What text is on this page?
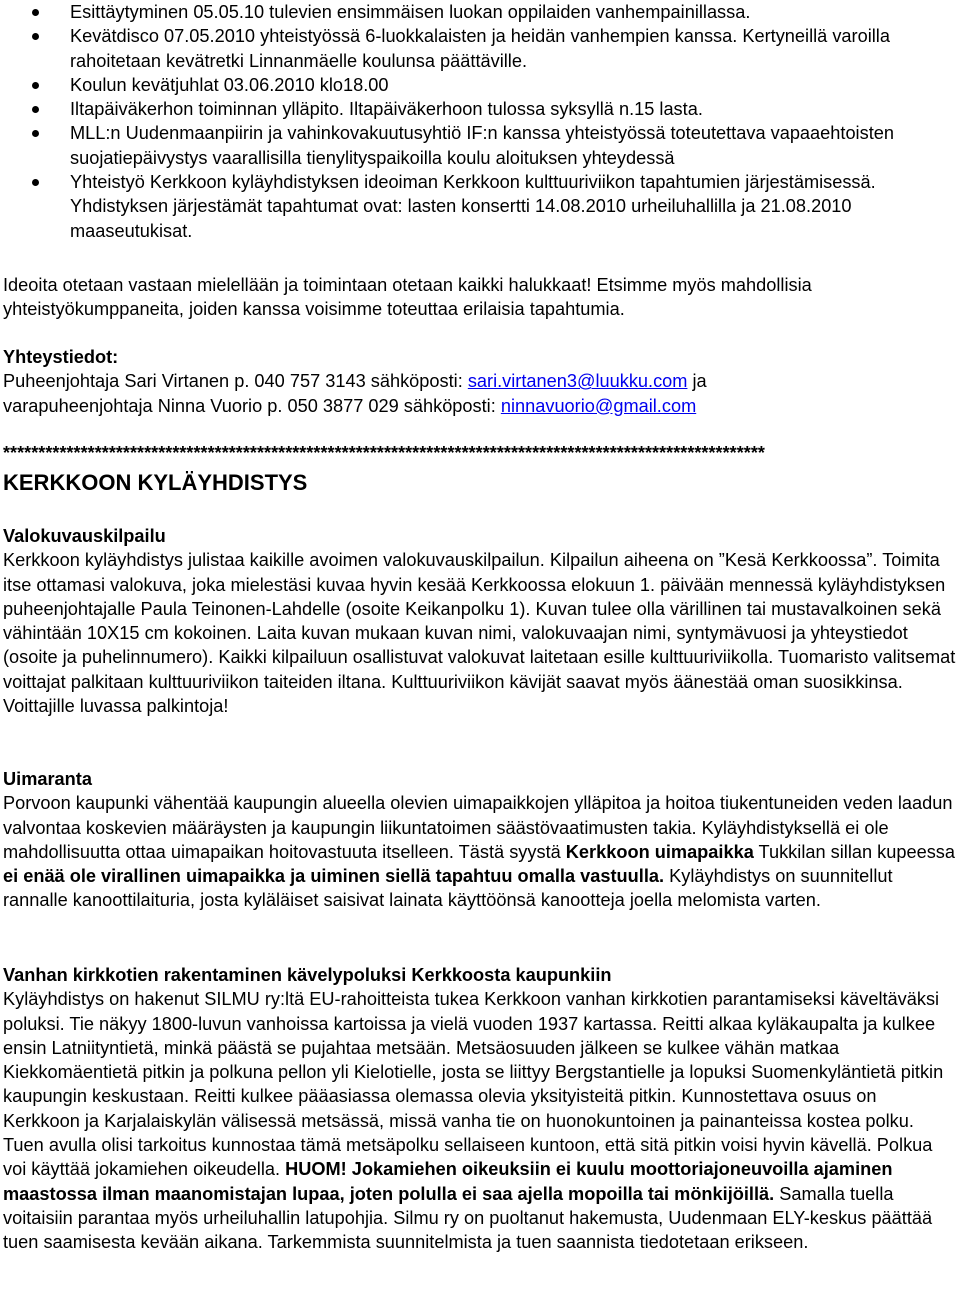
Esittäytyminen 05.05.10 tulevien ensimmäisen luokan oppilaiden vanhempainillassa.
Kevätdisco 07.05.2010 yhteistyössä 6-luokkalaisten ja heidän vanhempien kanssa. Kertyneillä varoilla rahoitetaan kevätretki Linnanmäelle koulunsa päättäville.
Koulun kevätjuhlat 03.06.2010 klo18.00
Iltapäiväkerhon toiminnan ylläpito. Iltapäiväkerhoon tulossa syksyllä n.15 lasta.
MLL:n Uudenmaanpiirin ja vahinkovakuutusyhtiö IF:n kanssa yhteistyössä toteutettava vapaaehtoisten suojatiepäivystys vaarallisilla tienylityspaikoilla koulu aloituksen yhteydessä
Yhteistyö Kerkkoon kyläyhdistyksen ideoiman Kerkkoon kulttuuriviikon tapahtumien järjestämisessä. Yhdistyksen järjestämät tapahtumat ovat: lasten konsertti 14.08.2010 urheiluhallilla ja 21.08.2010 maaseutukisat.
Ideoita otetaan vastaan mielellään ja toimintaan otetaan kaikki halukkaat! Etsimme myös mahdollisia yhteistyökumppaneita, joiden kanssa voisimme toteuttaa erilaisia tapahtumia.
Yhteystiedot:
Puheenjohtaja Sari Virtanen p. 040 757 3143 sähköposti: sari.virtanen3@luukku.com ja
varapuheenjohtaja Ninna Vuorio p. 050 3877 029 sähköposti: ninnavuorio@gmail.com
************************************************************************************************************
KERKKOON KYLÄYHDISTYS
Valokuvauskilpailu
Kerkkoon kyläyhdistys julistaa kaikille avoimen valokuvauskilpailun. Kilpailun aiheena on ”Kesä Kerkkoossa”. Toimita itse ottamasi valokuva, joka mielestäsi kuvaa hyvin kesää Kerkkoossa elokuun 1. päivään mennessä kyläyhdistyksen puheenjohtajalle Paula Teinonen-Lahdelle (osoite Keikanpolku 1). Kuvan tulee olla värillinen tai mustavalkoinen sekä vähintään 10X15 cm kokoinen. Laita kuvan mukaan kuvan nimi, valokuvaajan nimi, syntymävuosi ja yhteystiedot (osoite ja puhelinnumero). Kaikki kilpailuun osallistuvat valokuvat laitetaan esille kulttuuriviikolla. Tuomaristo valitsemat voittajat palkitaan kulttuuriviikon taiteiden iltana. Kulttuuriviikon kävijät saavat myös äänestää oman suosikkinsa. Voittajille luvassa palkintoja!
Uimaranta
Porvoon kaupunki vähentää kaupungin alueella olevien uimapaikkojen ylläpitoa ja hoitoa tiukentuneiden veden laadun valvontaa koskevien määräysten ja kaupungin liikuntatoimen säästövaatimusten takia. Kyläyhdistyksellä ei ole mahdollisuutta ottaa uimapaikan hoitovastuuta itselleen. Tästä syystä Kerkkoon uimapaikka Tukkilan sillan kupeessa ei enää ole virallinen uimapaikka ja uiminen siellä tapahtuu omalla vastuulla. Kyläyhdistys on suunnitellut rannalle kanoottilaituria, josta kyläläiset saisivat lainata käyttöönsä kanootteja joella melomista varten.
Vanhan kirkkotien rakentaminen kävelypoluksi Kerkkoosta kaupunkiin
Kyläyhdistys on hakenut SILMU ry:ltä EU-rahoitteista tukea Kerkkoon vanhan kirkkotien parantamiseksi käveltäväksi poluksi. Tie näkyy 1800-luvun vanhoissa kartoissa ja vielä vuoden 1937 kartassa. Reitti alkaa kyläkaupalta ja kulkee ensin Latniityntietä, minkä päästä se pujahtaa metsään. Metsäosuuden jälkeen se kulkee vähän matkaa Kiekkomäentietä pitkin ja polkuna pellon yli Kielotielle, josta se liittyy Bergstantielle ja lopuksi Suomenkyläntietä pitkin kaupungin keskustaan. Reitti kulkee pääasiassa olemassa olevia yksityisteitä pitkin. Kunnostettava osuus on Kerkkoon ja Karjalaiskylän välisessä metsässä, missä vanha tie on huonokuntoinen ja painanteissa kostea polku. Tuen avulla olisi tarkoitus kunnostaa tämä metsäpolku sellaiseen kuntoon, että sitä pitkin voisi hyvin kävellä. Polkua voi käyttää jokamiehen oikeudella. HUOM! Jokamiehen oikeuksiin ei kuulu moottoriajoneuvoilla ajaminen maastossa ilman maanomistajan lupaa, joten polulla ei saa ajella mopoilla tai mönkijöillä. Samalla tuella voitaisiin parantaa myös urheiluhallin latupohjia. Silmu ry on puoltanut hakemusta, Uudenmaan ELY-keskus päättää tuen saamisesta kevään aikana. Tarkemmista suunnitelmista ja tuen saannista tiedotetaan erikseen.
